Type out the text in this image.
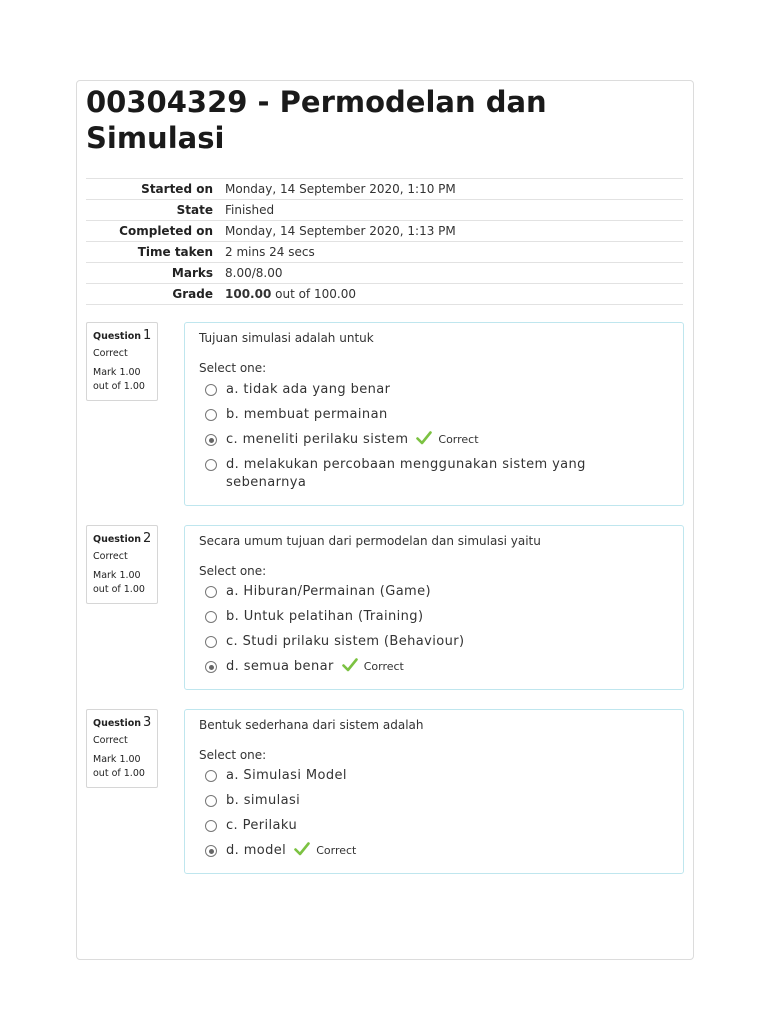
00304329 - Permodelan dan Simulasi
Started on	Monday, 14 September 2020, 1:10 PM
State	Finished
Completed on	Monday, 14 September 2020, 1:13 PM
Time taken	2 mins 24 secs
Marks	8.00/8.00
Grade	100.00 out of 100.00
Question 1
Correct
Mark 1.00 out of 1.00
Tujuan simulasi adalah untuk
Select one:
a. tidak ada yang benar
b. membuat permainan
c. meneliti perilaku sistem	Correct
d. melakukan percobaan menggunakan sistem yang sebenarnya
Question 2
Correct
Mark 1.00 out of 1.00
Secara umum tujuan dari permodelan dan simulasi yaitu
Select one:
a. Hiburan/Permainan (Game)
b. Untuk pelatihan (Training)
c. Studi prilaku sistem (Behaviour)
d. semua benar	Correct
Question 3
Correct
Mark 1.00 out of 1.00
Bentuk sederhana dari sistem adalah
Select one:
a. Simulasi Model
b. simulasi
c. Perilaku
d. model	Correct
